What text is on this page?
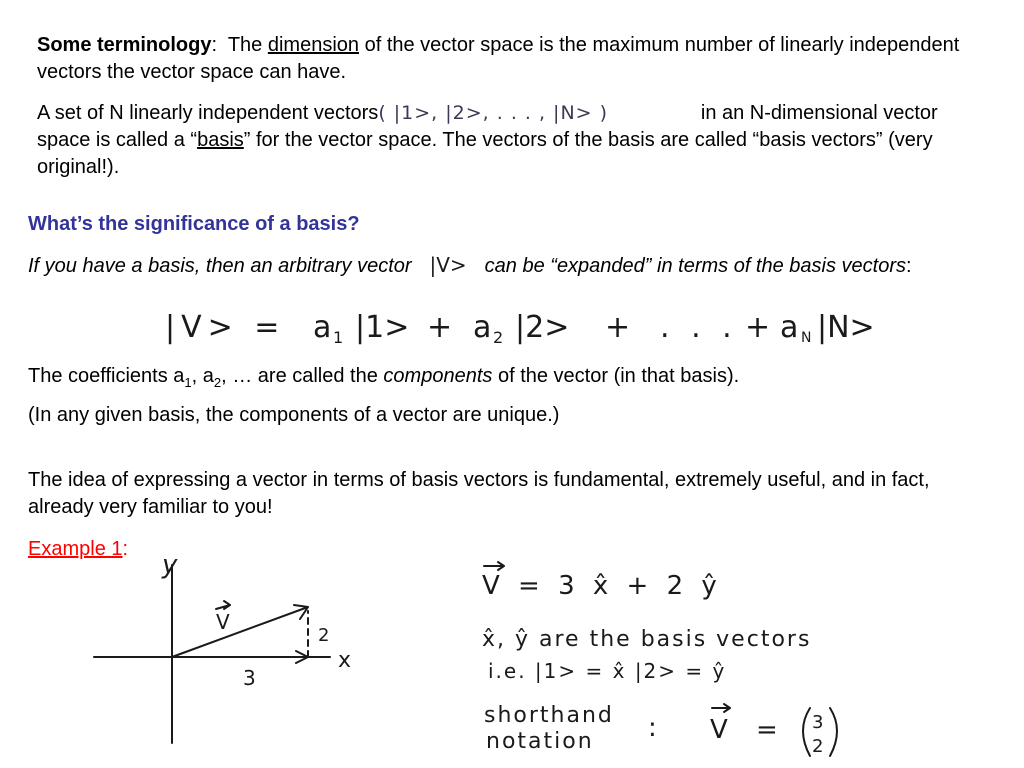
Some terminology: The dimension of the vector space is the maximum number of linearly independent vectors the vector space can have.

A set of N linearly independent vectors( |1>, |2>, . . . , |N> )	in an N-dimensional vector space is called a “basis” for the vector space. The vectors of the basis are called “basis vectors” (very original!).

What’s the significance of a basis?

If you have a basis, then an arbitrary vector |V> can be “expanded” in terms of the basis vectors:

|V> = a 1 |1> + a 2 |2> + . . . + a N |N>

The coefficients $a_1$, $a_2$, … are called the components of the vector (in that basis).

(In any given basis, the components of a vector are unique.)

The idea of expressing a vector in terms of basis vectors is fundamental, extremely useful, and in fact, already very familiar to you!

Example 1:

y
x
V
3
2
V = 3 x̂ + 2 ŷ
x̂, ŷ are the basis vectors
i.e. |1> = x̂ |2> = ŷ
shorthand
notation : V = 3
2
